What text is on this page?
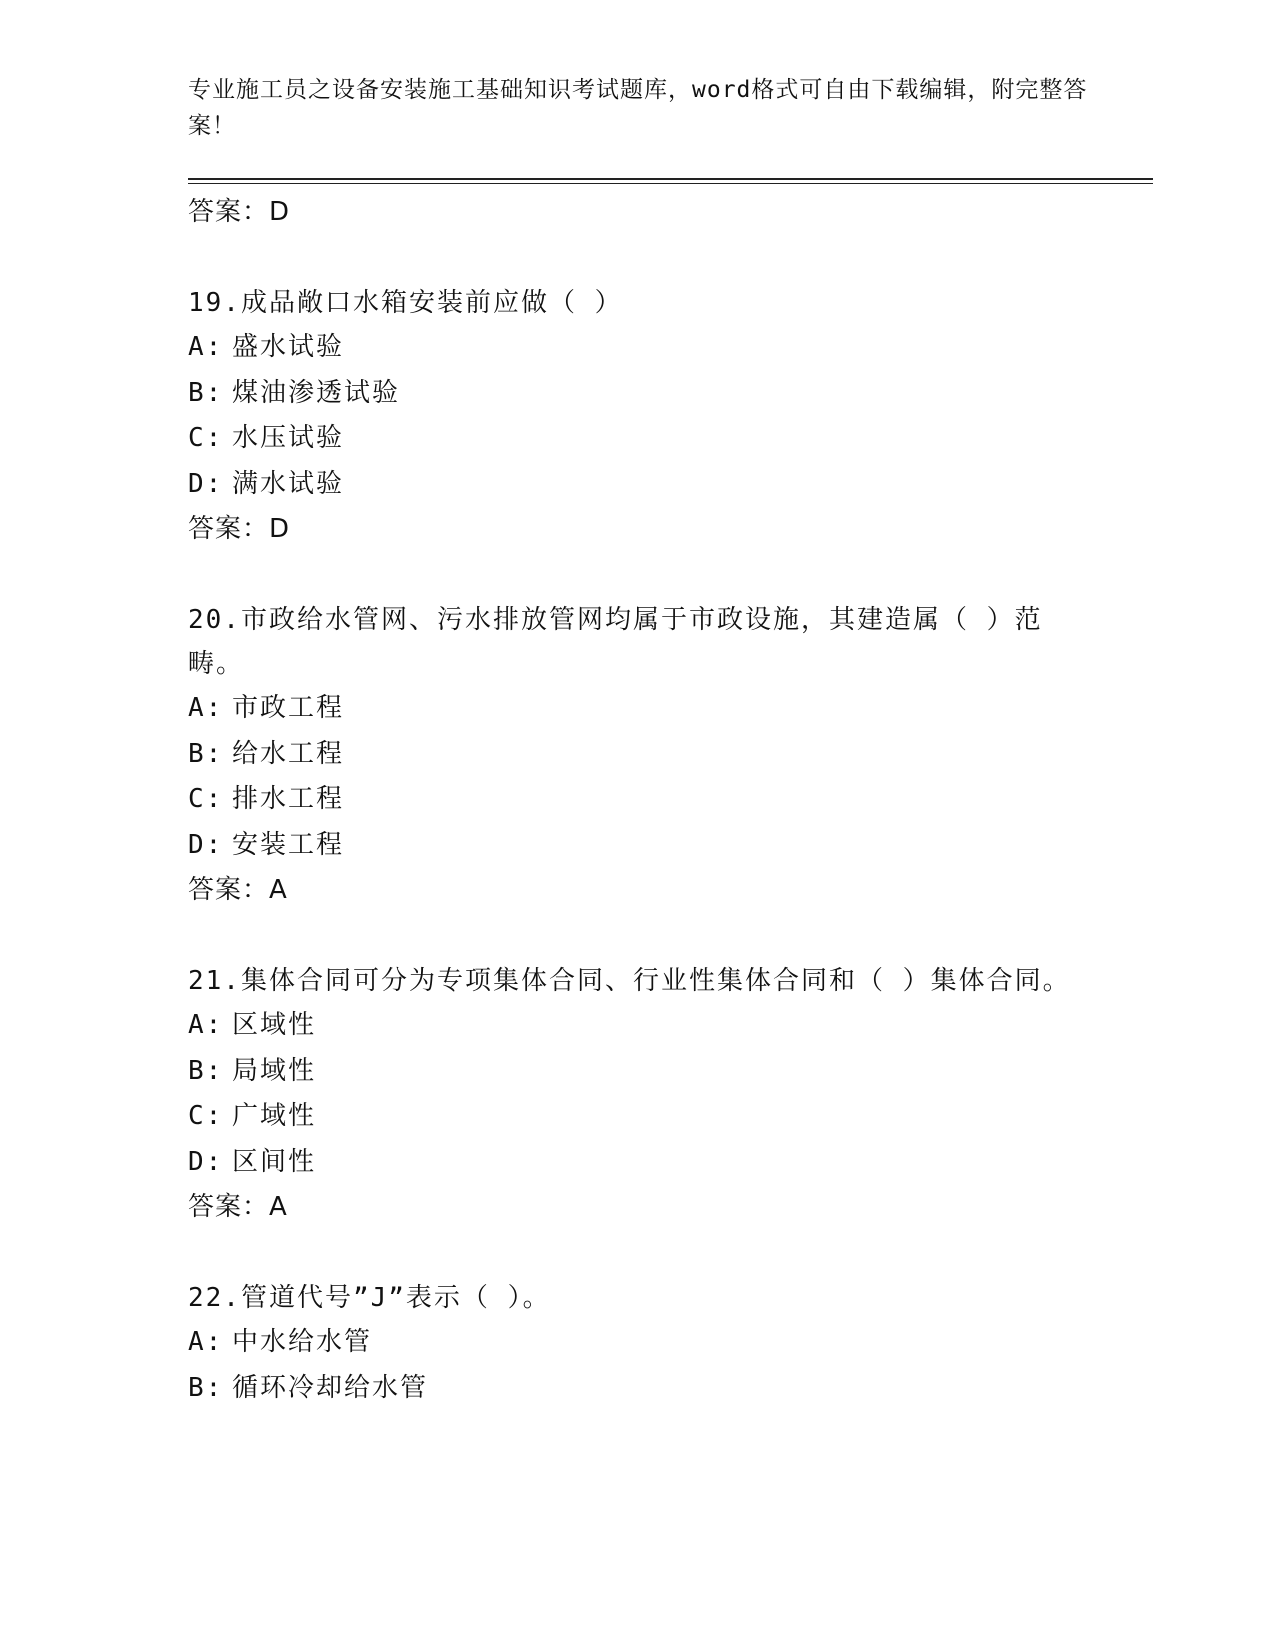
专业施工员之设备安装施工基础知识考试题库，word格式可自由下载编辑，附完整答案！

答案：D

19.成品敞口水箱安装前应做（ ）

A: 盛水试验

B: 煤油渗透试验

C: 水压试验

D: 满水试验

答案：D

20.市政给水管网、污水排放管网均属于市政设施，其建造属（ ）范畴。

A: 市政工程

B: 给水工程

C: 排水工程

D: 安装工程

答案：A

21.集体合同可分为专项集体合同、行业性集体合同和（ ）集体合同。

A: 区域性

B: 局域性

C: 广域性

D: 区间性

答案：A

22.管道代号”J”表示（ ）。

A: 中水给水管

B: 循环冷却给水管
